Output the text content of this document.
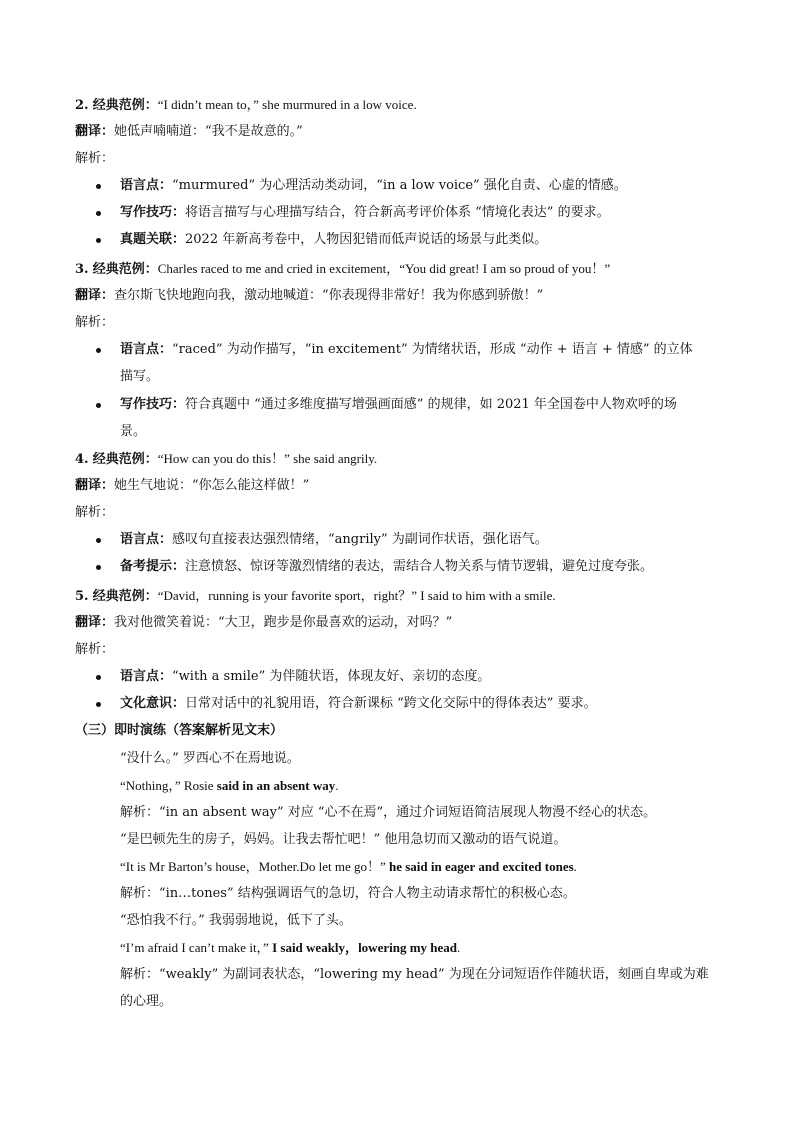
2. 经典范例：“I didn’t mean to，” she murmured in a low voice.
翻译：她低声喃喃道：“我不是故意的。”
解析：
语言点：“murmured” 为心理活动类动词，“in a low voice” 强化自责、心虚的情感。
写作技巧：将语言描写与心理描写结合，符合新高考评价体系 “情境化表达” 的要求。
真题关联：2022 年新高考卷中，人物因犯错而低声说话的场景与此类似。
3. 经典范例：Charles raced to me and cried in excitement，“You did great! I am so proud of you！”
翻译：查尔斯飞快地跑向我，激动地喊道：“你表现得非常好！我为你感到骄傲！”
解析：
语言点：“raced” 为动作描写，“in excitement” 为情绪状语，形成 “动作 + 语言 + 情感” 的立体
描写。
写作技巧：符合真题中 “通过多维度描写增强画面感” 的规律，如 2021 年全国卷中人物欢呼的场
景。
4. 经典范例：“How can you do this！” she said angrily.
翻译：她生气地说：“你怎么能这样做！”
解析：
语言点：感叹句直接表达强烈情绪，“angrily” 为副词作状语，强化语气。
备考提示：注意愤怒、惊讶等激烈情绪的表达，需结合人物关系与情节逻辑，避免过度夸张。
5. 经典范例：“David，running is your favorite sport，right？” I said to him with a smile.
翻译：我对他微笑着说：“大卫，跑步是你最喜欢的运动，对吗？”
解析：
语言点：“with a smile” 为伴随状语，体现友好、亲切的态度。
文化意识：日常对话中的礼貌用语，符合新课标 “跨文化交际中的得体表达” 要求。
（三）即时演练（答案解析见文末）
“没什么。” 罗西心不在焉地说。
“Nothing，” Rosie said in an absent way.
解析：“in an absent way” 对应 “心不在焉”，通过介词短语简洁展现人物漫不经心的状态。
“是巴顿先生的房子，妈妈。让我去帮忙吧！” 他用急切而又激动的语气说道。
“It is Mr Barton’s house，Mother.Do let me go！” he said in eager and excited tones.
解析：“in…tones” 结构强调语气的急切，符合人物主动请求帮忙的积极心态。
“恐怕我不行。” 我弱弱地说，低下了头。
“I’m afraid I can’t make it，” I said weakly，lowering my head.
解析：“weakly” 为副词表状态，“lowering my head” 为现在分词短语作伴随状语，刻画自卑或为难
的心理。
